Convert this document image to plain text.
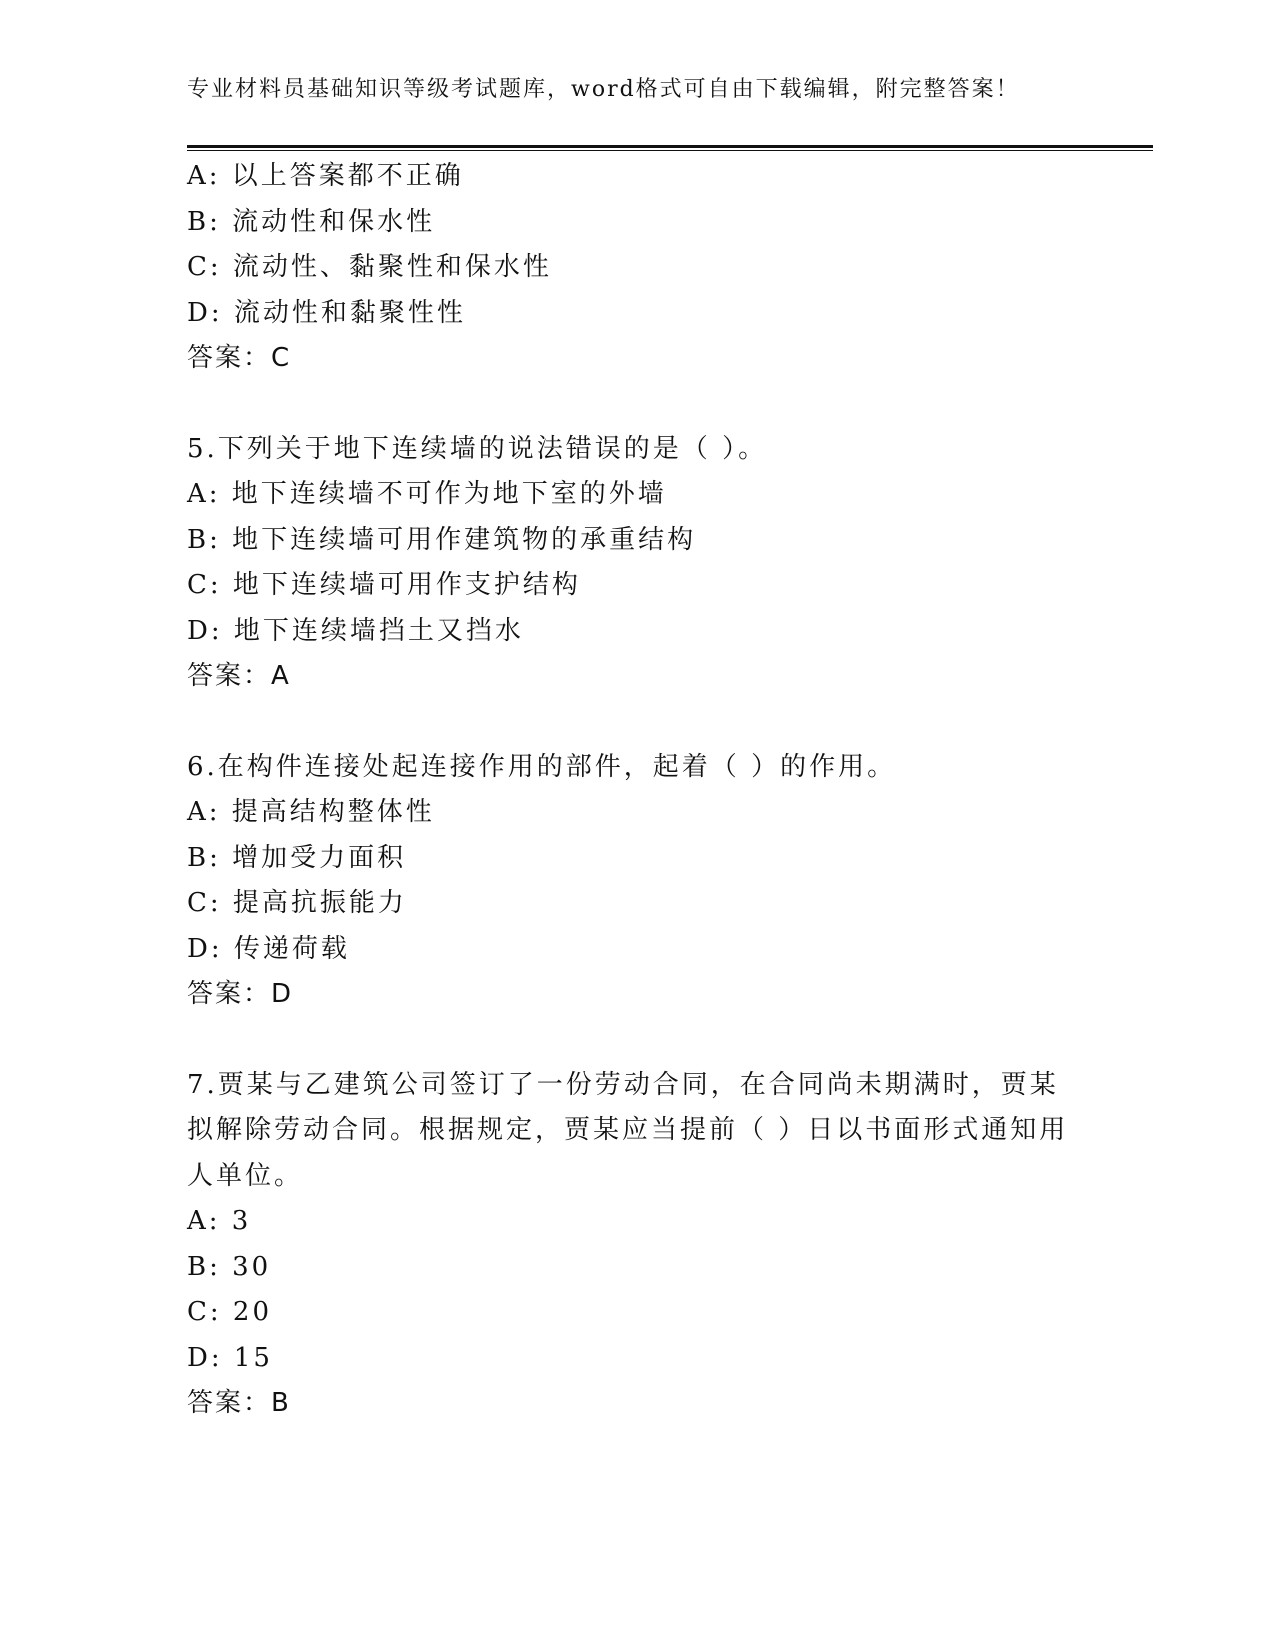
专业材料员基础知识等级考试题库，word格式可自由下载编辑，附完整答案！
A: 以上答案都不正确
B: 流动性和保水性
C: 流动性、黏聚性和保水性
D: 流动性和黏聚性性
答案：C
5.下列关于地下连续墙的说法错误的是（ ）。
A: 地下连续墙不可作为地下室的外墙
B: 地下连续墙可用作建筑物的承重结构
C: 地下连续墙可用作支护结构
D: 地下连续墙挡土又挡水
答案：A
6.在构件连接处起连接作用的部件，起着（ ）的作用。
A: 提高结构整体性
B: 增加受力面积
C: 提高抗振能力
D: 传递荷载
答案：D
7.贾某与乙建筑公司签订了一份劳动合同，在合同尚未期满时，贾某
拟解除劳动合同。根据规定，贾某应当提前（ ）日以书面形式通知用
人单位。
A: 3
B: 30
C: 20
D: 15
答案：B
